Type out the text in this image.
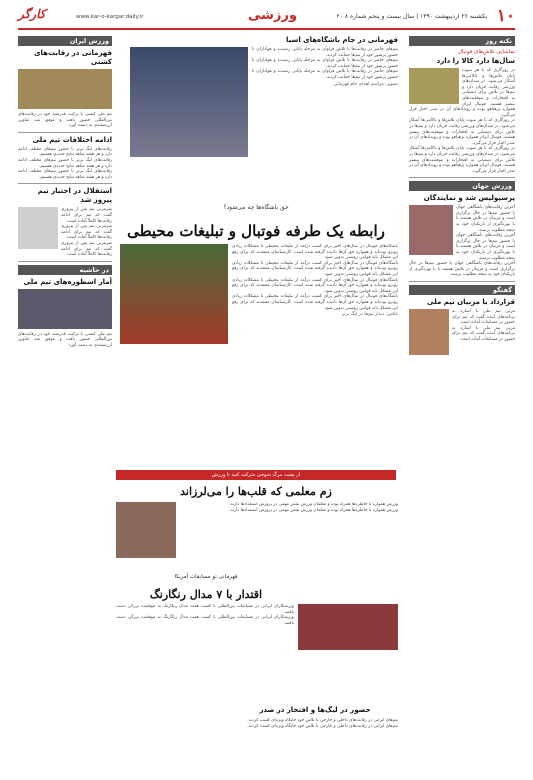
۱۰
یکشنبه ۲۶ اردیبهشت ۱۳۹۰ | سال بیست و پنجم شماره ۸ ۲۰
ورزشی
www.kar-o-kargar.daily.ir
کارگر
نکته روز
تماشایی تلاش‌های فوتبال
سال‌ها دارد کالا را دارد
در روزگاری که با هر سوت پایان تلاش‌ها و ناکامی‌ها آشکار می‌شود، در میدان‌های ورزشی رقابت جریان دارد و تیم‌ها در تلاش برای دستیابی به افتخارات و موفقیت‌های بیشتر هستند. فوتبال ایران همواره پرهیاهو بوده و رویدادهای آن در صدر اخبار قرار می‌گیرد.
در روزگاری که با هر سوت پایان تلاش‌ها و ناکامی‌ها آشکار می‌شود، در میدان‌های ورزشی رقابت جریان دارد و تیم‌ها در تلاش برای دستیابی به افتخارات و موفقیت‌های بیشتر هستند. فوتبال ایران همواره پرهیاهو بوده و رویدادهای آن در صدر اخبار قرار می‌گیرد.
در روزگاری که با هر سوت پایان تلاش‌ها و ناکامی‌ها آشکار می‌شود، در میدان‌های ورزشی رقابت جریان دارد و تیم‌ها در تلاش برای دستیابی به افتخارات و موفقیت‌های بیشتر هستند. فوتبال ایران همواره پرهیاهو بوده و رویدادهای آن در صدر اخبار قرار می‌گیرد.
ورزش جهان
پرسپولیس شد و نمایندگان
آخرین رقابت‌های باشگاهی جهان با حضور تیم‌ها در حال برگزاری است و مربیان در تلاش هستند تا با بهره‌گیری از بازیکنان خود به نتیجه مطلوب برسند.
آخرین رقابت‌های باشگاهی جهان با حضور تیم‌ها در حال برگزاری است و مربیان در تلاش هستند تا با بهره‌گیری از بازیکنان خود به نتیجه مطلوب برسند.
آخرین رقابت‌های باشگاهی جهان با حضور تیم‌ها در حال برگزاری است و مربیان در تلاش هستند تا با بهره‌گیری از بازیکنان خود به نتیجه مطلوب برسند.
گفتگو
قرارداد با مربیان تیم ملی
مربی تیم ملی با اشاره به برنامه‌های آینده گفت که تیم برای حضور در مسابقات آماده است.
مربی تیم ملی با اشاره به برنامه‌های آینده گفت که تیم برای حضور در مسابقات آماده است.
قهرمانی در جام باشگاه‌های آسیا
تیم‌های حاضر در رقابت‌ها با تلاش فراوان به مرحله پایانی رسیدند و هواداران با حضور پرشور خود از تیم‌ها حمایت کردند.
تیم‌های حاضر در رقابت‌ها با تلاش فراوان به مرحله پایانی رسیدند و هواداران با حضور پرشور خود از تیم‌ها حمایت کردند.
تیم‌های حاضر در رقابت‌ها با تلاش فراوان به مرحله پایانی رسیدند و هواداران با حضور پرشور خود از تیم‌ها حمایت کردند.
تصویر: مراسم اهدای جام قهرمانی
حق باشگاه‌ها چه می‌شود؟
رابطه یک طرفه فوتبال و تبلیغات محیطی
باشگاه‌های فوتبال در سال‌های اخیر برای کسب درآمد از تبلیغات محیطی با مشکلات زیادی روبرو بوده‌اند و همواره حق آن‌ها نادیده گرفته شده است. کارشناسان معتقدند که برای رفع این مشکل باید قوانین روشنی تدوین شود.
باشگاه‌های فوتبال در سال‌های اخیر برای کسب درآمد از تبلیغات محیطی با مشکلات زیادی روبرو بوده‌اند و همواره حق آن‌ها نادیده گرفته شده است. کارشناسان معتقدند که برای رفع این مشکل باید قوانین روشنی تدوین شود.
باشگاه‌های فوتبال در سال‌های اخیر برای کسب درآمد از تبلیغات محیطی با مشکلات زیادی روبرو بوده‌اند و همواره حق آن‌ها نادیده گرفته شده است. کارشناسان معتقدند که برای رفع این مشکل باید قوانین روشنی تدوین شود.
باشگاه‌های فوتبال در سال‌های اخیر برای کسب درآمد از تبلیغات محیطی با مشکلات زیادی روبرو بوده‌اند و همواره حق آن‌ها نادیده گرفته شده است. کارشناسان معتقدند که برای رفع این مشکل باید قوانین روشنی تدوین شود.
عکس: دیدار تیم‌ها در لیگ برتر
از پشت مرگ شوخی شرکت کنید تا ورزش
زم معلمی که قلب‌ها را می‌لرزاند
ورزش همواره با خاطره‌ها همراه بوده و معلمان ورزش نقش مهمی در پرورش استعدادها دارند.
ورزش همواره با خاطره‌ها همراه بوده و معلمان ورزش نقش مهمی در پرورش استعدادها دارند.
قهرمانی تو مسابقات آمریکا
اقتدار با ۷ مدال رنگارنگ
ورزشکاران ایرانی در مسابقات بین‌المللی با کسب هفت مدال رنگارنگ به موفقیت بزرگی دست یافتند.
ورزشکاران ایرانی در مسابقات بین‌المللی با کسب هفت مدال رنگارنگ به موفقیت بزرگی دست یافتند.
حضور در لیگ‌ها و افتخار در صدر
تیم‌های ایرانی در رقابت‌های داخلی و خارجی با تلاش خود جایگاه ویژه‌ای کسب کردند.
تیم‌های ایرانی در رقابت‌های داخلی و خارجی با تلاش خود جایگاه ویژه‌ای کسب کردند.
ورزش ایران
قهرمانی در رقابت‌های کشتی
تیم ملی کشتی با ترکیب قدرتمند خود در رقابت‌های بین‌المللی حضور یافت و موفق شد عناوین ارزشمندی به دست آورد.
ادامه اختلافات تیم ملی
رقابت‌های لیگ برتر با حضور تیم‌های مختلف ادامه دارد و هر هفته شاهد نتایج جدیدی هستیم.
رقابت‌های لیگ برتر با حضور تیم‌های مختلف ادامه دارد و هر هفته شاهد نتایج جدیدی هستیم.
رقابت‌های لیگ برتر با حضور تیم‌های مختلف ادامه دارد و هر هفته شاهد نتایج جدیدی هستیم.
استقلال در اختیار تیم پیروز شد
سرمربی تیم پس از پیروزی گفت که تیم برای ادامه رقابت‌ها کاملاً آماده است.
سرمربی تیم پس از پیروزی گفت که تیم برای ادامه رقابت‌ها کاملاً آماده است.
سرمربی تیم پس از پیروزی گفت که تیم برای ادامه رقابت‌ها کاملاً آماده است.
در حاشیه
آمار اسطوره‌های تیم ملی
تیم ملی کشتی با ترکیب قدرتمند خود در رقابت‌های بین‌المللی حضور یافت و موفق شد عناوین ارزشمندی به دست آورد.
